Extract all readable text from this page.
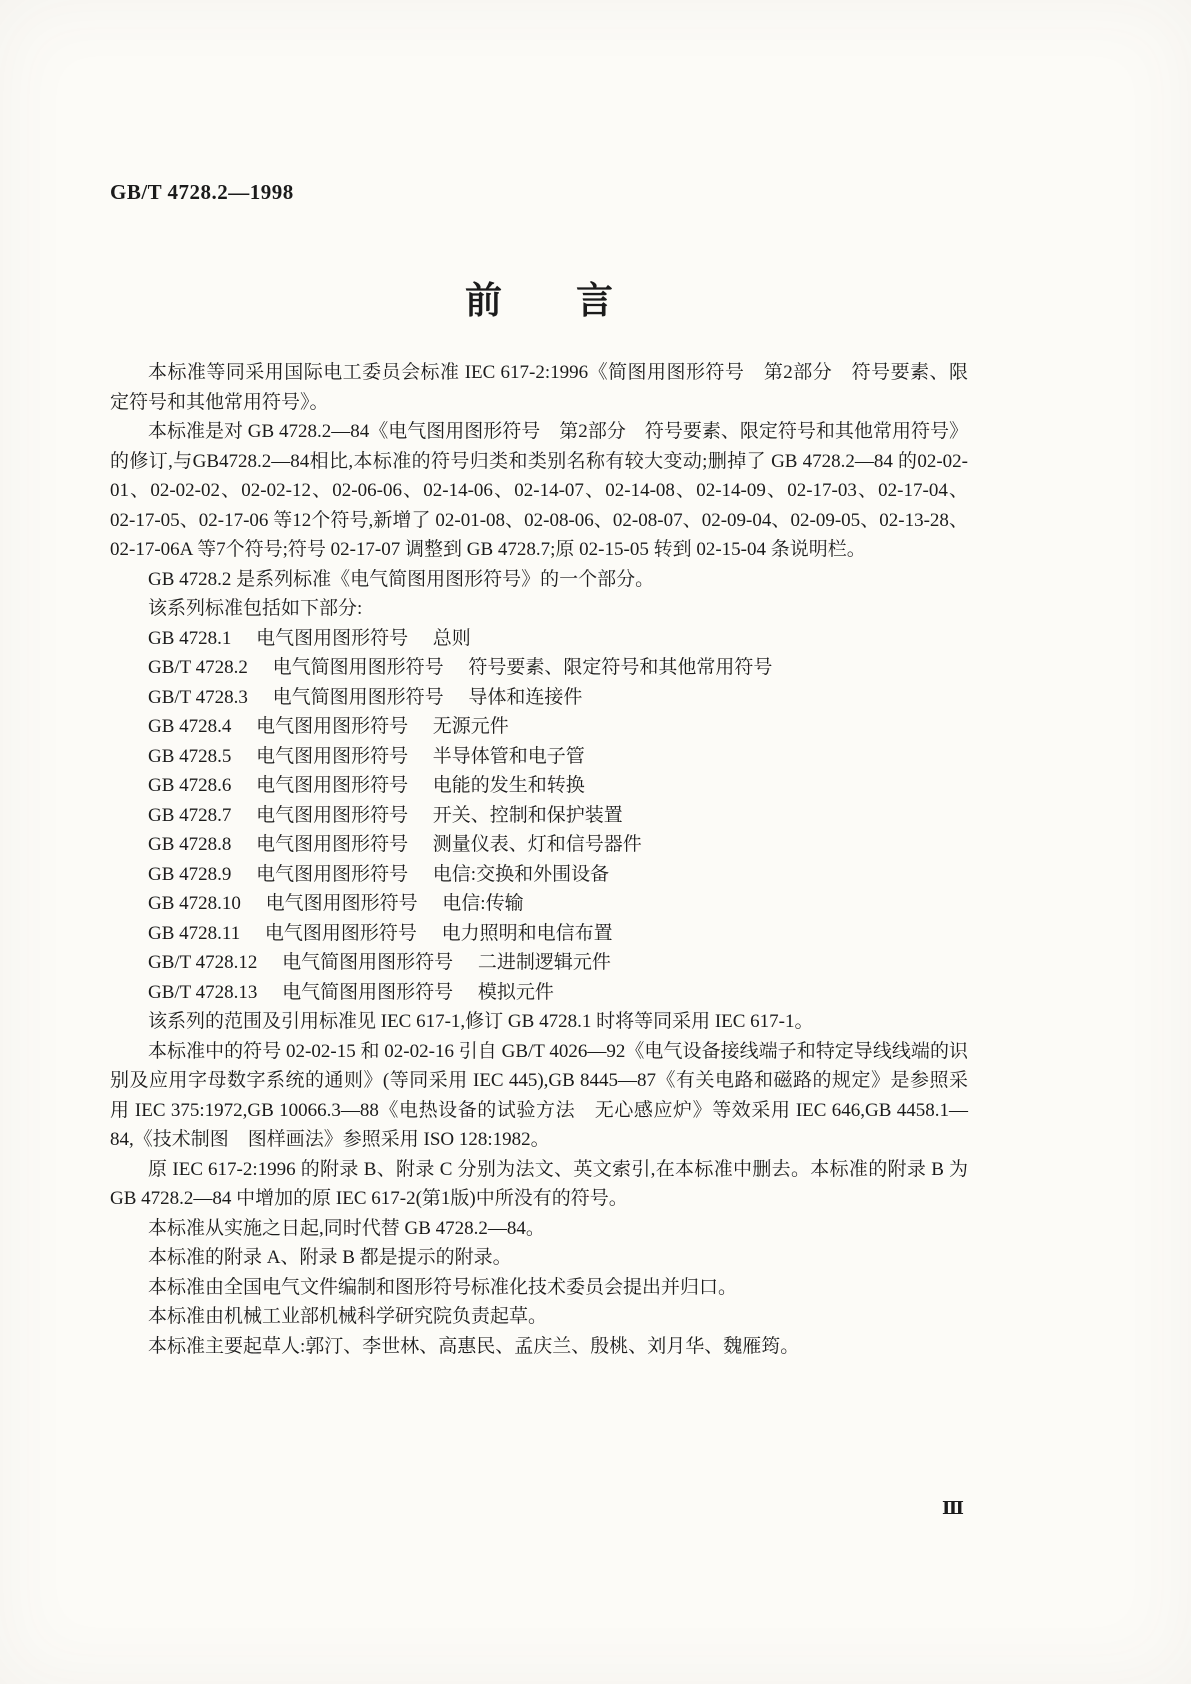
GB/T 4728.2—1998
前　　言

本标准等同采用国际电工委员会标准 IEC 617-2:1996《简图用图形符号　第2部分　符号要素、限定符号和其他常用符号》。

本标准是对 GB 4728.2—84《电气图用图形符号　第2部分　符号要素、限定符号和其他常用符号》的修订,与GB4728.2—84相比,本标准的符号归类和类别名称有较大变动;删掉了 GB 4728.2—84 的02-02-01、02-02-02、02-02-12、02-06-06、02-14-06、02-14-07、02-14-08、02-14-09、02-17-03、02-17-04、02-17-05、02-17-06 等12个符号,新增了 02-01-08、02-08-06、02-08-07、02-09-04、02-09-05、02-13-28、02-17-06A 等7个符号;符号 02-17-07 调整到 GB 4728.7;原 02-15-05 转到 02-15-04 条说明栏。

GB 4728.2 是系列标准《电气简图用图形符号》的一个部分。

该系列标准包括如下部分:

GB 4728.1 电气图用图形符号 总则
GB/T 4728.2 电气简图用图形符号 符号要素、限定符号和其他常用符号
GB/T 4728.3 电气简图用图形符号 导体和连接件
GB 4728.4 电气图用图形符号 无源元件
GB 4728.5 电气图用图形符号 半导体管和电子管
GB 4728.6 电气图用图形符号 电能的发生和转换
GB 4728.7 电气图用图形符号 开关、控制和保护装置
GB 4728.8 电气图用图形符号 测量仪表、灯和信号器件
GB 4728.9 电气图用图形符号 电信:交换和外围设备
GB 4728.10 电气图用图形符号 电信:传输
GB 4728.11 电气图用图形符号 电力照明和电信布置
GB/T 4728.12 电气简图用图形符号 二进制逻辑元件
GB/T 4728.13 电气简图用图形符号 模拟元件

该系列的范围及引用标准见 IEC 617-1,修订 GB 4728.1 时将等同采用 IEC 617-1。

本标准中的符号 02-02-15 和 02-02-16 引自 GB/T 4026—92《电气设备接线端子和特定导线线端的识别及应用字母数字系统的通则》(等同采用 IEC 445),GB 8445—87《有关电路和磁路的规定》是参照采用 IEC 375:1972,GB 10066.3—88《电热设备的试验方法　无心感应炉》等效采用 IEC 646,GB 4458.1—84,《技术制图　图样画法》参照采用 ISO 128:1982。

原 IEC 617-2:1996 的附录 B、附录 C 分别为法文、英文索引,在本标准中删去。本标准的附录 B 为 GB 4728.2—84 中增加的原 IEC 617-2(第1版)中所没有的符号。

本标准从实施之日起,同时代替 GB 4728.2—84。

本标准的附录 A、附录 B 都是提示的附录。

本标准由全国电气文件编制和图形符号标准化技术委员会提出并归口。

本标准由机械工业部机械科学研究院负责起草。

本标准主要起草人:郭汀、李世林、高惠民、孟庆兰、殷桃、刘月华、魏雁筠。

Ⅲ
